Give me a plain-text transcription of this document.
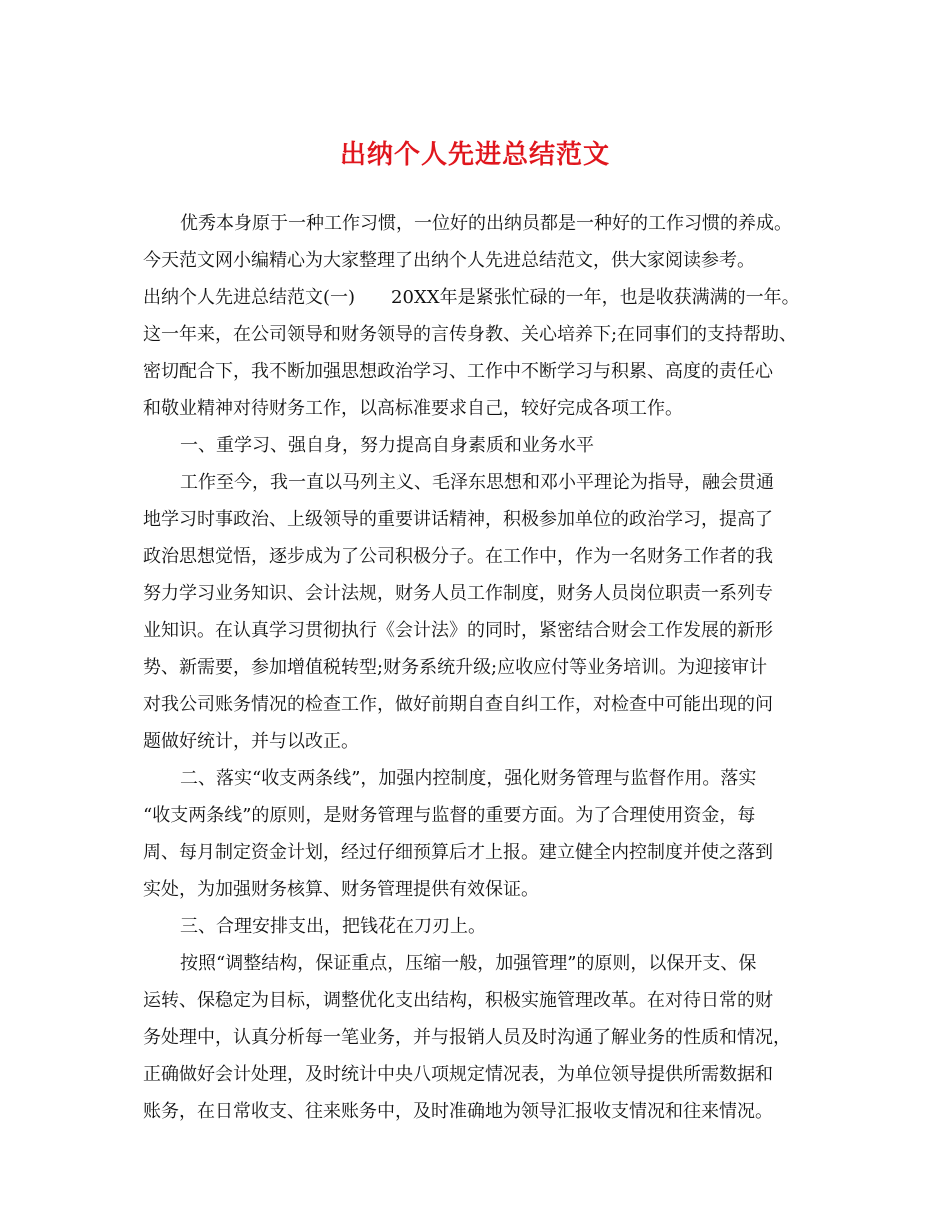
出纳个人先进总结范文
优秀本身原于一种工作习惯，一位好的出纳员都是一种好的工作习惯的养成。
今天范文网小编精心为大家整理了出纳个人先进总结范文，供大家阅读参考。
出纳个人先进总结范文(一) 20XX年是紧张忙碌的一年，也是收获满满的一年。
这一年来，在公司领导和财务领导的言传身教、关心培养下;在同事们的支持帮助、
密切配合下，我不断加强思想政治学习、工作中不断学习与积累、高度的责任心
和敬业精神对待财务工作，以高标准要求自己，较好完成各项工作。
一、重学习、强自身，努力提高自身素质和业务水平
工作至今，我一直以马列主义、毛泽东思想和邓小平理论为指导，融会贯通
地学习时事政治、上级领导的重要讲话精神，积极参加单位的政治学习，提高了
政治思想觉悟，逐步成为了公司积极分子。在工作中，作为一名财务工作者的我
努力学习业务知识、会计法规，财务人员工作制度，财务人员岗位职责一系列专
业知识。在认真学习贯彻执行《会计法》的同时，紧密结合财会工作发展的新形
势、新需要，参加增值税转型;财务系统升级;应收应付等业务培训。为迎接审计
对我公司账务情况的检查工作，做好前期自查自纠工作，对检查中可能出现的问
题做好统计，并与以改正。
二、落实“收支两条线”，加强内控制度，强化财务管理与监督作用。落实
“收支两条线”的原则，是财务管理与监督的重要方面。为了合理使用资金，每
周、每月制定资金计划，经过仔细预算后才上报。建立健全内控制度并使之落到
实处，为加强财务核算、财务管理提供有效保证。
三、合理安排支出，把钱花在刀刃上。
按照“调整结构，保证重点，压缩一般，加强管理”的原则，以保开支、保
运转、保稳定为目标，调整优化支出结构，积极实施管理改革。在对待日常的财
务处理中，认真分析每一笔业务，并与报销人员及时沟通了解业务的性质和情况，
正确做好会计处理，及时统计中央八项规定情况表，为单位领导提供所需数据和
账务，在日常收支、往来账务中，及时准确地为领导汇报收支情况和往来情况。
